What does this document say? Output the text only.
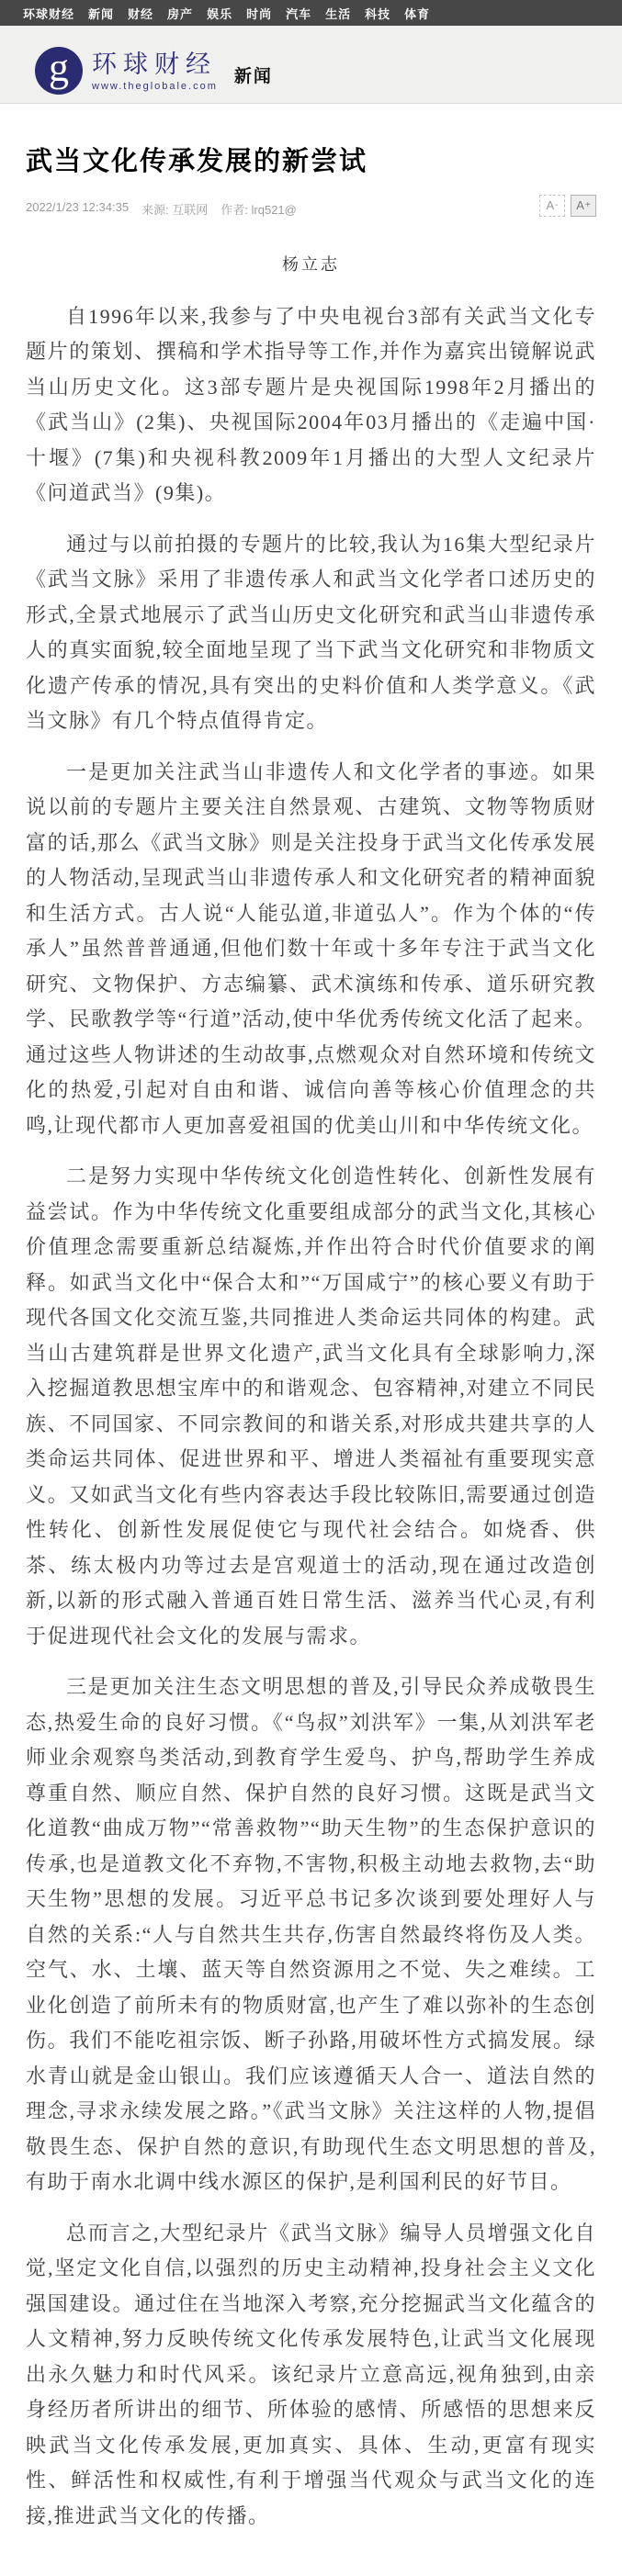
环球财经 新闻 财经 房产 娱乐 时尚 汽车 生活 科技 体育
g 环球财经
www.theglobale.com
新闻
武当文化传承发展的新尝试
2022/1/23 12:34:35 来源: 互联网 作者: lrq521@	A - A +
杨立志

自1996年以来,我参与了中央电视台3部有关武当文化专题片的策划、撰稿和学术指导等工作,并作为嘉宾出镜解说武当山历史文化。这3部专题片是央视国际1998年2月播出的《武当山》(2集)、央视国际2004年03月播出的《走遍中国·十堰》(7集)和央视科教2009年1月播出的大型人文纪录片《问道武当》(9集)。

通过与以前拍摄的专题片的比较,我认为16集大型纪录片《武当文脉》采用了非遗传承人和武当文化学者口述历史的形式,全景式地展示了武当山历史文化研究和武当山非遗传承人的真实面貌,较全面地呈现了当下武当文化研究和非物质文化遗产传承的情况,具有突出的史料价值和人类学意义。《武当文脉》有几个特点值得肯定。

一是更加关注武当山非遗传人和文化学者的事迹。如果说以前的专题片主要关注自然景观、古建筑、文物等物质财富的话,那么《武当文脉》则是关注投身于武当文化传承发展的人物活动,呈现武当山非遗传承人和文化研究者的精神面貌和生活方式。古人说“人能弘道,非道弘人”。作为个体的“传承人”虽然普普通通,但他们数十年或十多年专注于武当文化研究、文物保护、方志编纂、武术演练和传承、道乐研究教学、民歌教学等“行道”活动,使中华优秀传统文化活了起来。通过这些人物讲述的生动故事,点燃观众对自然环境和传统文化的热爱,引起对自由和谐、诚信向善等核心价值理念的共鸣,让现代都市人更加喜爱祖国的优美山川和中华传统文化。

二是努力实现中华传统文化创造性转化、创新性发展有益尝试。作为中华传统文化重要组成部分的武当文化,其核心价值理念需要重新总结凝炼,并作出符合时代价值要求的阐释。如武当文化中“保合太和”“万国咸宁”的核心要义有助于现代各国文化交流互鉴,共同推进人类命运共同体的构建。武当山古建筑群是世界文化遗产,武当文化具有全球影响力,深入挖掘道教思想宝库中的和谐观念、包容精神,对建立不同民族、不同国家、不同宗教间的和谐关系,对形成共建共享的人类命运共同体、促进世界和平、增进人类福祉有重要现实意义。又如武当文化有些内容表达手段比较陈旧,需要通过创造性转化、创新性发展促使它与现代社会结合。如烧香、供茶、练太极内功等过去是宫观道士的活动,现在通过改造创新,以新的形式融入普通百姓日常生活、滋养当代心灵,有利于促进现代社会文化的发展与需求。

三是更加关注生态文明思想的普及,引导民众养成敬畏生态,热爱生命的良好习惯。《“鸟叔”刘洪军》一集,从刘洪军老师业余观察鸟类活动,到教育学生爱鸟、护鸟,帮助学生养成尊重自然、顺应自然、保护自然的良好习惯。这既是武当文化道教“曲成万物”“常善救物”“助天生物”的生态保护意识的传承,也是道教文化不弃物,不害物,积极主动地去救物,去“助天生物”思想的发展。习近平总书记多次谈到要处理好人与自然的关系:“人与自然共生共存,伤害自然最终将伤及人类。空气、水、土壤、蓝天等自然资源用之不觉、失之难续。工业化创造了前所未有的物质财富,也产生了难以弥补的生态创伤。我们不能吃祖宗饭、断子孙路,用破坏性方式搞发展。绿水青山就是金山银山。我们应该遵循天人合一、道法自然的理念,寻求永续发展之路。”《武当文脉》关注这样的人物,提倡敬畏生态、保护自然的意识,有助现代生态文明思想的普及,有助于南水北调中线水源区的保护,是利国利民的好节目。

总而言之,大型纪录片《武当文脉》编导人员增强文化自觉,坚定文化自信,以强烈的历史主动精神,投身社会主义文化强国建设。通过住在当地深入考察,充分挖掘武当文化蕴含的人文精神,努力反映传统文化传承发展特色,让武当文化展现出永久魅力和时代风采。该纪录片立意高远,视角独到,由亲身经历者所讲出的细节、所体验的感情、所感悟的思想来反映武当文化传承发展,更加真实、具体、生动,更富有现实性、鲜活性和权威性,有利于增强当代观众与武当文化的连接,推进武当文化的传播。
